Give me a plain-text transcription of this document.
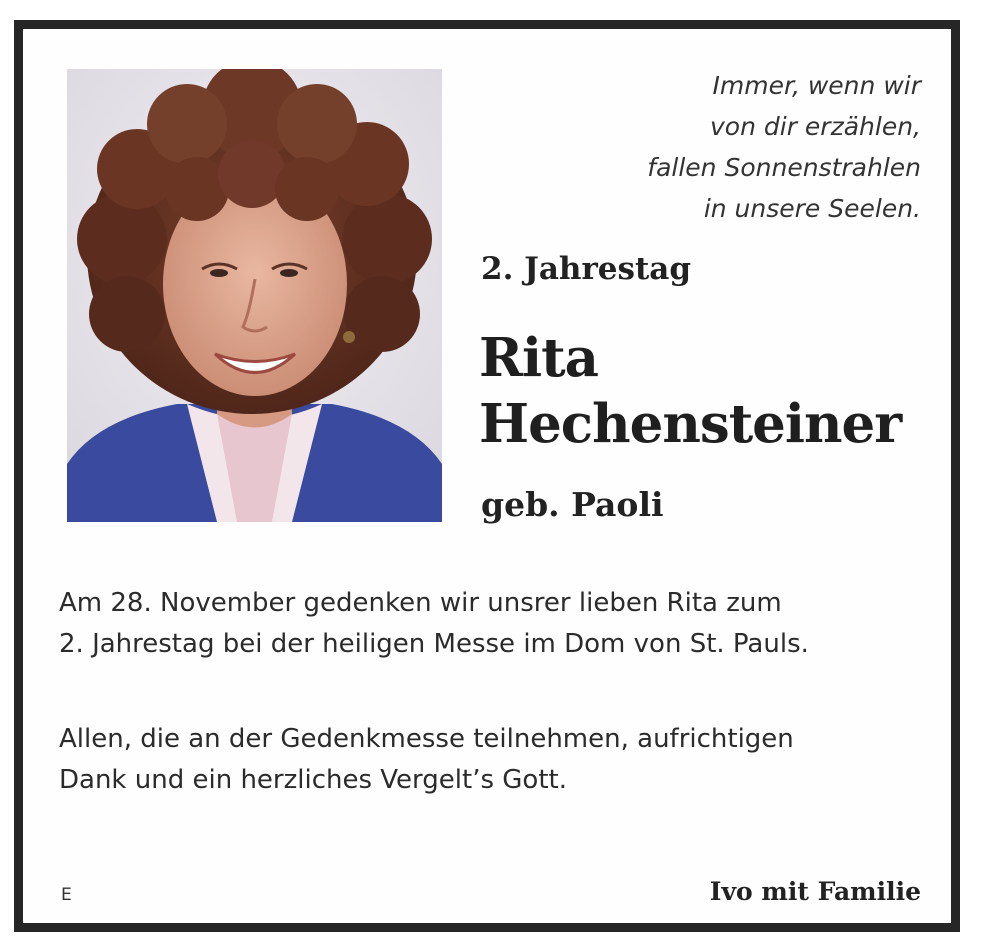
Immer, wenn wir
von dir erzählen,
fallen Sonnenstrahlen
in unsere Seelen.
2. Jahrestag
Rita
Hechensteiner
geb. Paoli
Am 28. November gedenken wir unsrer lieben Rita zum
2. Jahrestag bei der heiligen Messe im Dom von St. Pauls.
Allen, die an der Gedenkmesse teilnehmen, aufrichtigen
Dank und ein herzliches Vergelt’s Gott.
E	Ivo mit Familie
